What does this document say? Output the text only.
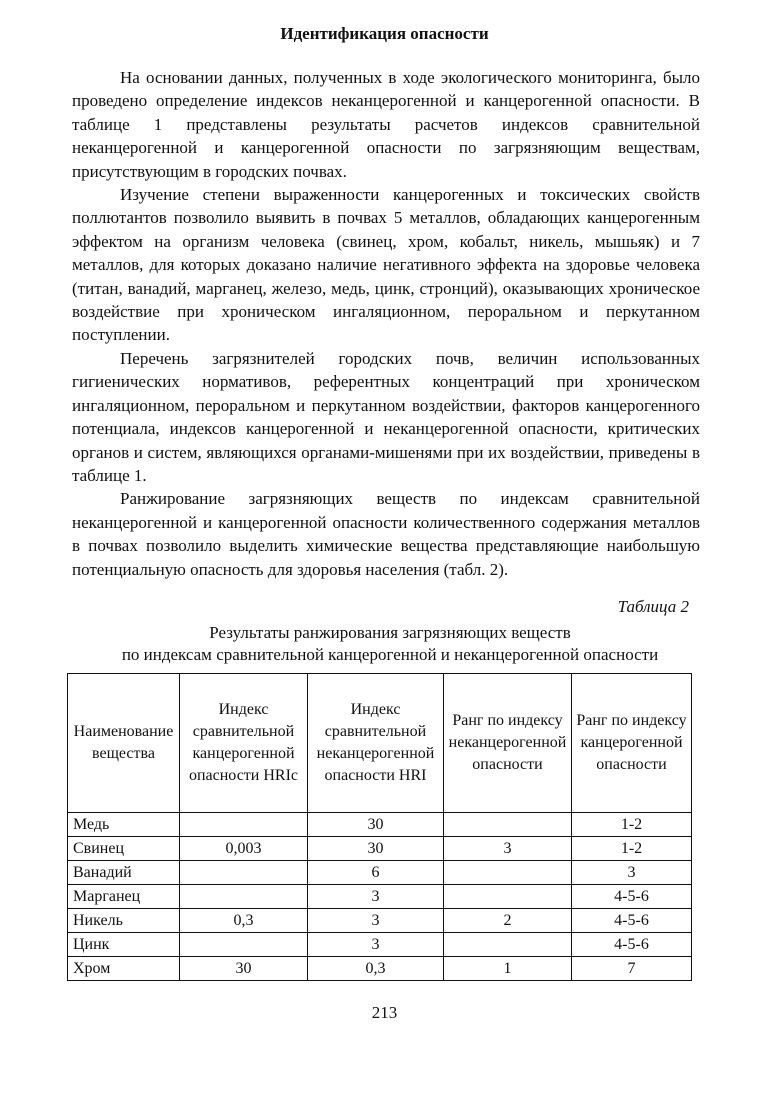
Идентификация опасности

На основании данных, полученных в ходе экологического мониторинга, было проведено определение индексов неканцерогенной и канцерогенной опасности. В таблице 1 представлены результаты расчетов индексов сравнительной неканцерогенной и канцерогенной опасности по загрязняющим веществам, присутствующим в городских почвах.

Изучение степени выраженности канцерогенных и токсических свойств поллютантов позволило выявить в почвах 5 металлов, обладающих канцерогенным эффектом на организм человека (свинец, хром, кобальт, никель, мышьяк) и 7 металлов, для которых доказано наличие негативного эффекта на здоровье человека (титан, ванадий, марганец, железо, медь, цинк, стронций), оказывающих хроническое воздействие при хроническом ингаляционном, пероральном и перкутанном поступлении.

Перечень загрязнителей городских почв, величин использованных гигиенических нормативов, референтных концентраций при хроническом ингаляционном, пероральном и перкутанном воздействии, факторов канцерогенного потенциала, индексов канцерогенной и неканцерогенной опасности, критических органов и систем, являющихся органами-мишенями при их воздействии, приведены в таблице 1.

Ранжирование загрязняющих веществ по индексам сравнительной неканцерогенной и канцерогенной опасности количественного содержания металлов в почвах позволило выделить химические вещества представляющие наибольшую потенциальную опасность для здоровья населения (табл. 2).

Таблица 2
Результаты ранжирования загрязняющих веществ
по индексам сравнительной канцерогенной и неканцерогенной опасности
Наименование вещества	Индекс сравнительной канцерогенной опасности HRIc	Индекс сравнительной неканцерогенной опасности HRI	Ранг по индексу неканцерогенной опасности	Ранг по индексу канцерогенной опасности
Медь		30		1-2
Свинец	0,003	30	3	1-2
Ванадий		6		3
Марганец		3		4-5-6
Никель	0,3	3	2	4-5-6
Цинк		3		4-5-6
Хром	30	0,3	1	7
213
